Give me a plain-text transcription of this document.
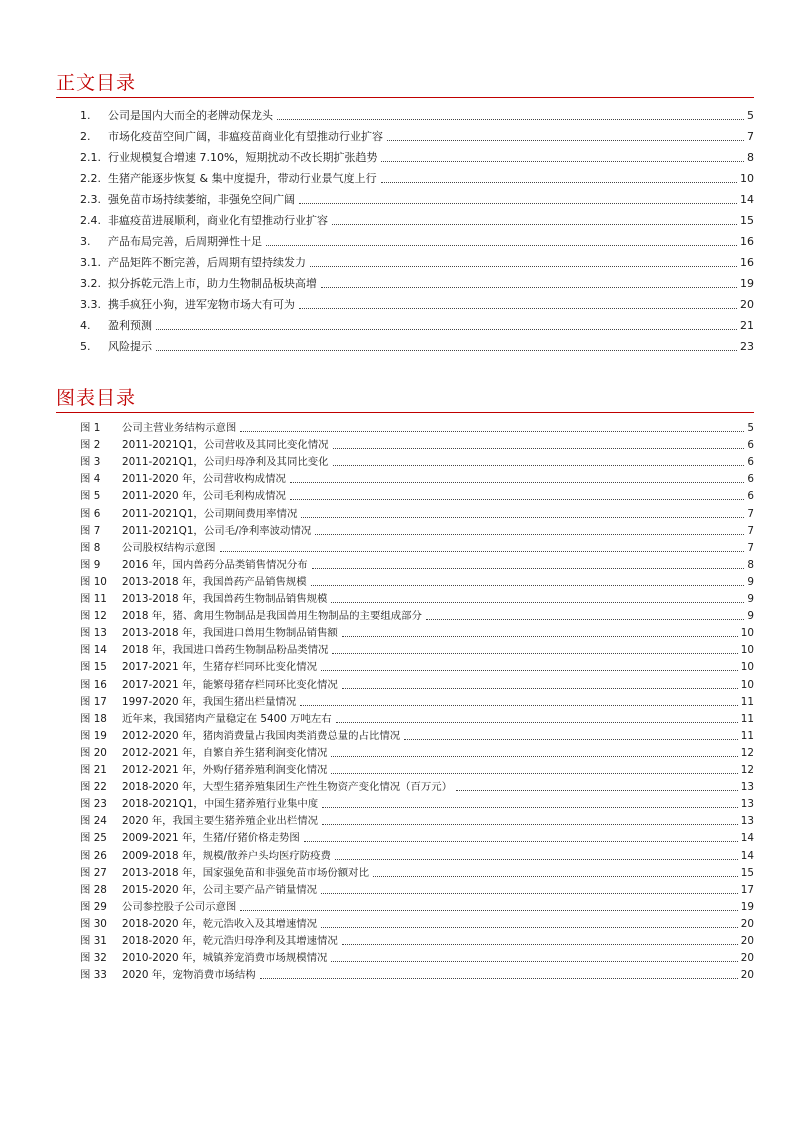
正文目录
1.	公司是国内大而全的老牌动保龙头	5
2.	市场化疫苗空间广阔，非瘟疫苗商业化有望推动行业扩容	7
2.1. 行业规模复合增速 7.10%，短期扰动不改长期扩张趋势	8
2.2. 生猪产能逐步恢复 & 集中度提升，带动行业景气度上行	10
2.3. 强免苗市场持续萎缩，非强免空间广阔	14
2.4. 非瘟疫苗进展顺利，商业化有望推动行业扩容	15
3.	产品布局完善，后周期弹性十足	16
3.1. 产品矩阵不断完善，后周期有望持续发力	16
3.2. 拟分拆乾元浩上市，助力生物制品板块高增	19
3.3. 携手疯狂小狗，进军宠物市场大有可为	20
4.	盈利预测	21
5.	风险提示	23
图表目录
图 1	公司主营业务结构示意图	5
图 2	2011-2021Q1，公司营收及其同比变化情况	6
图 3	2011-2021Q1，公司归母净利及其同比变化	6
图 4	2011-2020 年，公司营收构成情况	6
图 5	2011-2020 年，公司毛利构成情况	6
图 6	2011-2021Q1，公司期间费用率情况	7
图 7	2011-2021Q1，公司毛/净利率波动情况	7
图 8	公司股权结构示意图	7
图 9	2016 年，国内兽药分品类销售情况分布	8
图 10	2013-2018 年，我国兽药产品销售规模	9
图 11	2013-2018 年，我国兽药生物制品销售规模	9
图 12	2018 年，猪、禽用生物制品是我国兽用生物制品的主要组成部分	9
图 13	2013-2018 年，我国进口兽用生物制品销售额	10
图 14	2018 年，我国进口兽药生物制品粉品类情况	10
图 15	2017-2021 年，生猪存栏同环比变化情况	10
图 16	2017-2021 年，能繁母猪存栏同环比变化情况	10
图 17	1997-2020 年，我国生猪出栏量情况	11
图 18	近年来，我国猪肉产量稳定在 5400 万吨左右	11
图 19	2012-2020 年，猪肉消费量占我国肉类消费总量的占比情况	11
图 20	2012-2021 年，自繁自养生猪利润变化情况	12
图 21	2012-2021 年，外购仔猪养殖利润变化情况	12
图 22	2018-2020 年，大型生猪养殖集团生产性生物资产变化情况（百万元）	13
图 23	2018-2021Q1，中国生猪养殖行业集中度	13
图 24	2020 年，我国主要生猪养殖企业出栏情况	13
图 25	2009-2021 年，生猪/仔猪价格走势图	14
图 26	2009-2018 年，规模/散养户头均医疗防疫费	14
图 27	2013-2018 年，国家强免苗和非强免苗市场份额对比	15
图 28	2015-2020 年，公司主要产品产销量情况	17
图 29	公司参控股子公司示意图	19
图 30	2018-2020 年，乾元浩收入及其增速情况	20
图 31	2018-2020 年，乾元浩归母净利及其增速情况	20
图 32	2010-2020 年，城镇养宠消费市场规模情况	20
图 33	2020 年，宠物消费市场结构	20
